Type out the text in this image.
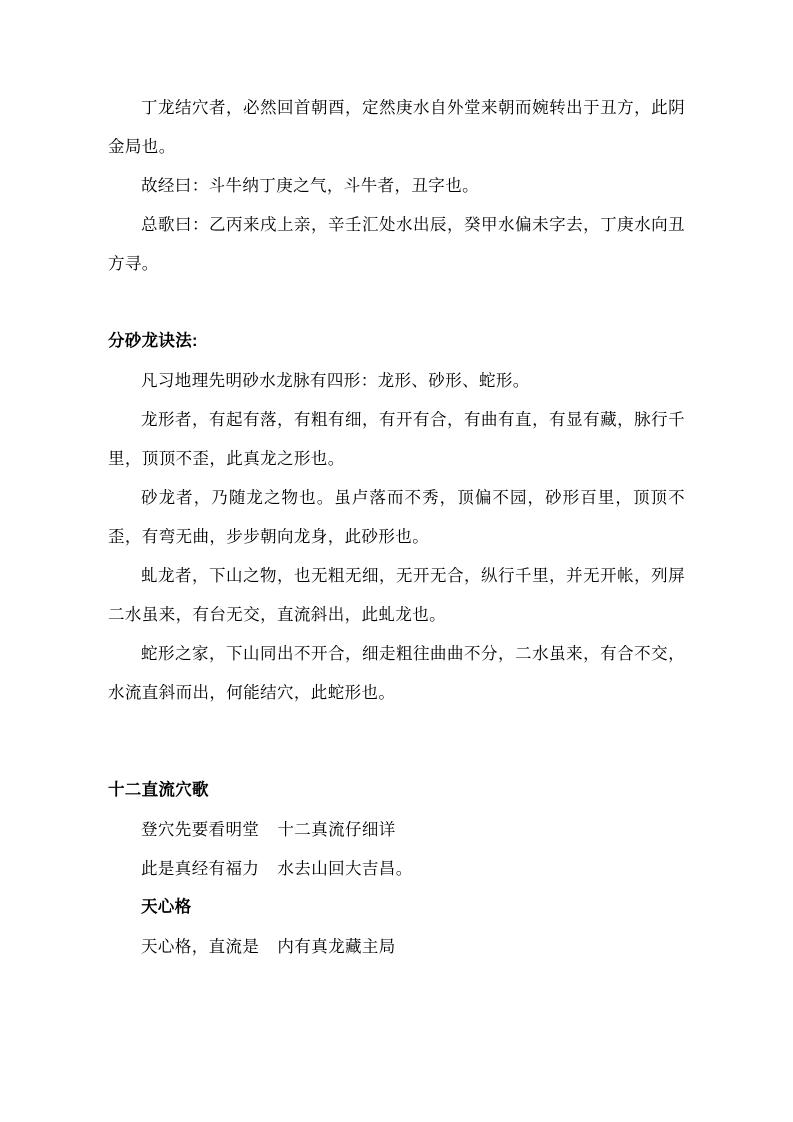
丁龙结穴者，必然回首朝酉，定然庚水自外堂来朝而婉转出于丑方，此阴金局也。

故经曰：斗牛纳丁庚之气，斗牛者，丑字也。

总歌曰：乙丙来戌上亲，辛壬汇处水出辰，癸甲水偏未字去，丁庚水向丑方寻。

分砂龙诀法:

凡习地理先明砂水龙脉有四形：龙形、砂形、蛇形。

龙形者，有起有落，有粗有细，有开有合，有曲有直，有显有藏，脉行千里，顶顶不歪，此真龙之形也。

砂龙者，乃随龙之物也。虽卢落而不秀，顶偏不园，砂形百里，顶顶不歪，有弯无曲，步步朝向龙身，此砂形也。

虬龙者，下山之物，也无粗无细，无开无合，纵行千里，并无开帐，列屏二水虽来，有台无交，直流斜出，此虬龙也。

蛇形之家，下山同出不开合，细走粗往曲曲不分，二水虽来，有合不交，水流直斜而出，何能结穴，此蛇形也。

十二直流穴歌

登穴先要看明堂    十二真流仔细详

此是真经有福力    水去山回大吉昌。

天心格

天心格，直流是    内有真龙藏主局
